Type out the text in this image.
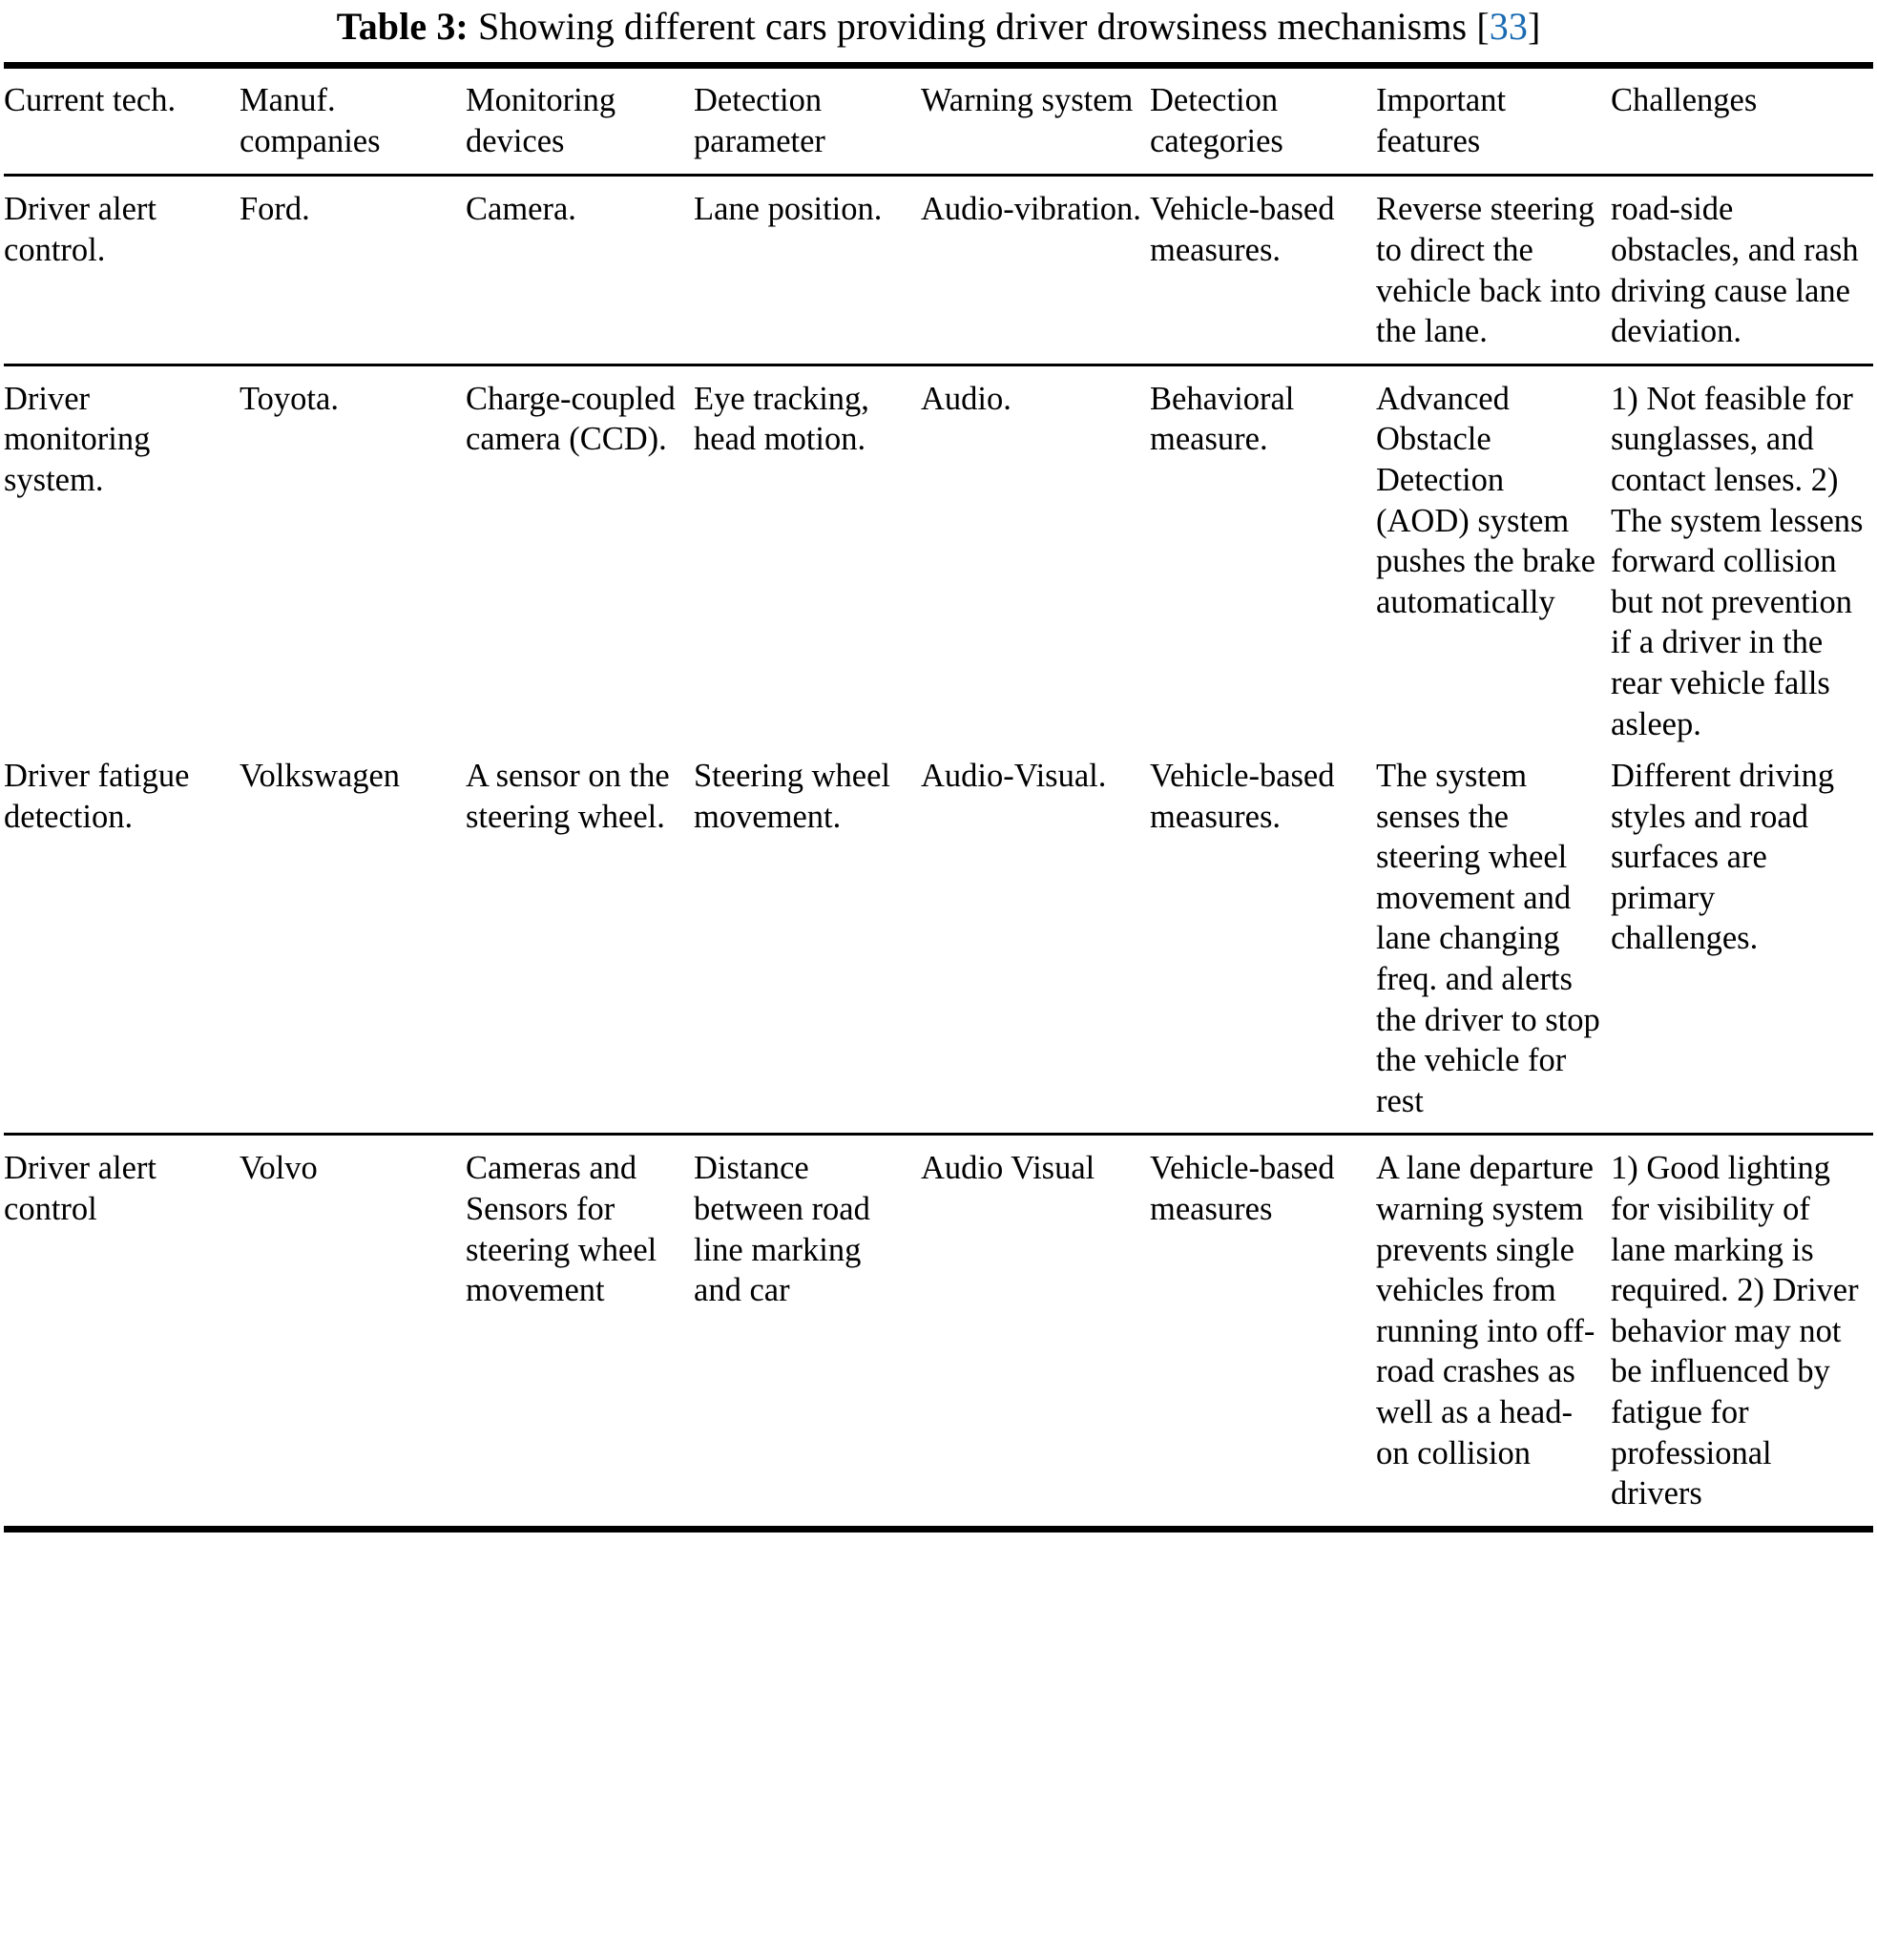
Table 3: Showing different cars providing driver drowsiness mechanisms [33]
Current tech.	Manuf. companies	Monitoring devices	Detection parameter	Warning system	Detection categories	Important features	Challenges
Driver alert control.	Ford.	Camera.	Lane position.	Audio-vibration.	Vehicle-based measures.	Reverse steering to direct the vehicle back into the lane.	road-side obstacles, and rash driving cause lane deviation.
Driver monitoring system.	Toyota.	Charge-coupled camera (CCD).	Eye tracking, head motion.	Audio.	Behavioral measure.	Advanced Obstacle Detection (AOD) system pushes the brake automatically	1) Not feasible for sunglasses, and contact lenses. 2) The system lessens forward collision but not prevention if a driver in the rear vehicle falls asleep.
Driver fatigue detection.	Volkswagen	A sensor on the steering wheel.	Steering wheel movement.	Audio-Visual.	Vehicle-based measures.	The system senses the steering wheel movement and lane changing freq. and alerts the driver to stop the vehicle for rest	Different driving styles and road surfaces are primary challenges.
Driver alert control	Volvo	Cameras and Sensors for steering wheel movement	Distance between road line marking and car	Audio Visual	Vehicle-based measures	A lane departure warning system prevents single vehicles from running into off-road crashes as well as a head-on collision	1) Good lighting for visibility of lane marking is required. 2) Driver behavior may not be influenced by fatigue for professional drivers
